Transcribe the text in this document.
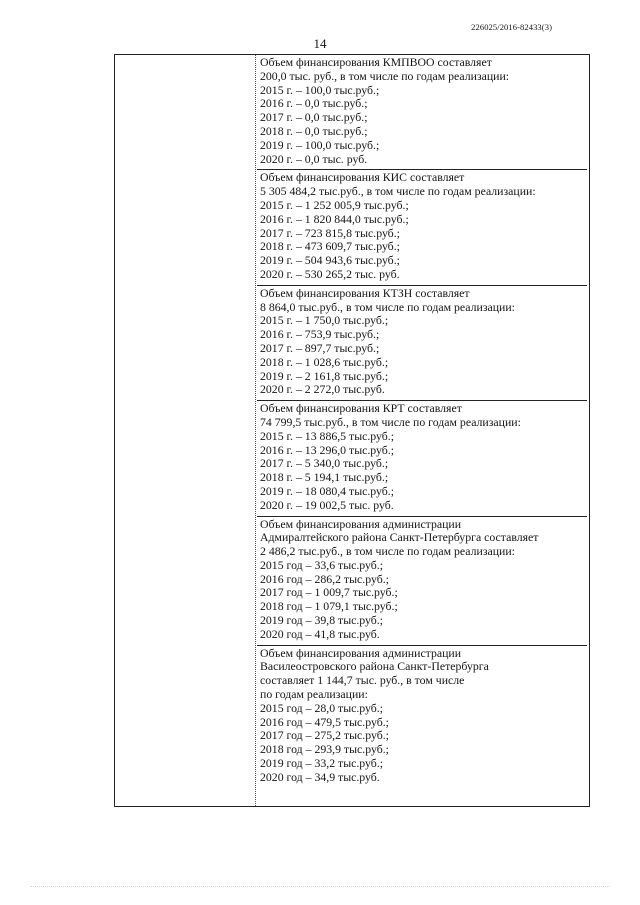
226025/2016-82433(3)
14
Объем финансирования КМПВОО составляет
200,0 тыс. руб., в том числе по годам реализации:
2015 г. – 100,0 тыс.руб.;
2016 г. – 0,0 тыс.руб.;
2017 г. – 0,0 тыс.руб.;
2018 г. – 0,0 тыс.руб.;
2019 г. – 100,0 тыс.руб.;
2020 г. – 0,0 тыс. руб.
Объем финансирования КИС составляет
5 305 484,2 тыс.руб., в том числе по годам реализации:
2015 г. – 1 252 005,9 тыс.руб.;
2016 г. – 1 820 844,0 тыс.руб.;
2017 г. – 723 815,8 тыс.руб.;
2018 г. – 473 609,7 тыс.руб.;
2019 г. – 504 943,6 тыс.руб.;
2020 г. – 530 265,2 тыс. руб.
Объем финансирования КТЗН составляет
8 864,0 тыс.руб., в том числе по годам реализации:
2015 г. – 1 750,0 тыс.руб.;
2016 г. – 753,9 тыс.руб.;
2017 г. – 897,7 тыс.руб.;
2018 г. – 1 028,6 тыс.руб.;
2019 г. – 2 161,8 тыс.руб.;
2020 г. – 2 272,0 тыс.руб.
Объем финансирования КРТ составляет
74 799,5 тыс.руб., в том числе по годам реализации:
2015 г. – 13 886,5 тыс.руб.;
2016 г. – 13 296,0 тыс.руб.;
2017 г. – 5 340,0 тыс.руб.;
2018 г. – 5 194,1 тыс.руб.;
2019 г. – 18 080,4 тыс.руб.;
2020 г. – 19 002,5 тыс. руб.
Объем финансирования администрации
Адмиралтейского района Санкт-Петербурга составляет
2 486,2 тыс.руб., в том числе по годам реализации:
2015 год – 33,6 тыс.руб.;
2016 год – 286,2 тыс.руб.;
2017 год – 1 009,7 тыс.руб.;
2018 год – 1 079,1 тыс.руб.;
2019 год – 39,8 тыс.руб.;
2020 год – 41,8 тыс.руб.
Объем финансирования администрации
Василеостровского района Санкт-Петербурга
составляет 1 144,7 тыс. руб., в том числе
по годам реализации:
2015 год – 28,0 тыс.руб.;
2016 год – 479,5 тыс.руб.;
2017 год – 275,2 тыс.руб.;
2018 год – 293,9 тыс.руб.;
2019 год – 33,2 тыс.руб.;
2020 год – 34,9 тыс.руб.
